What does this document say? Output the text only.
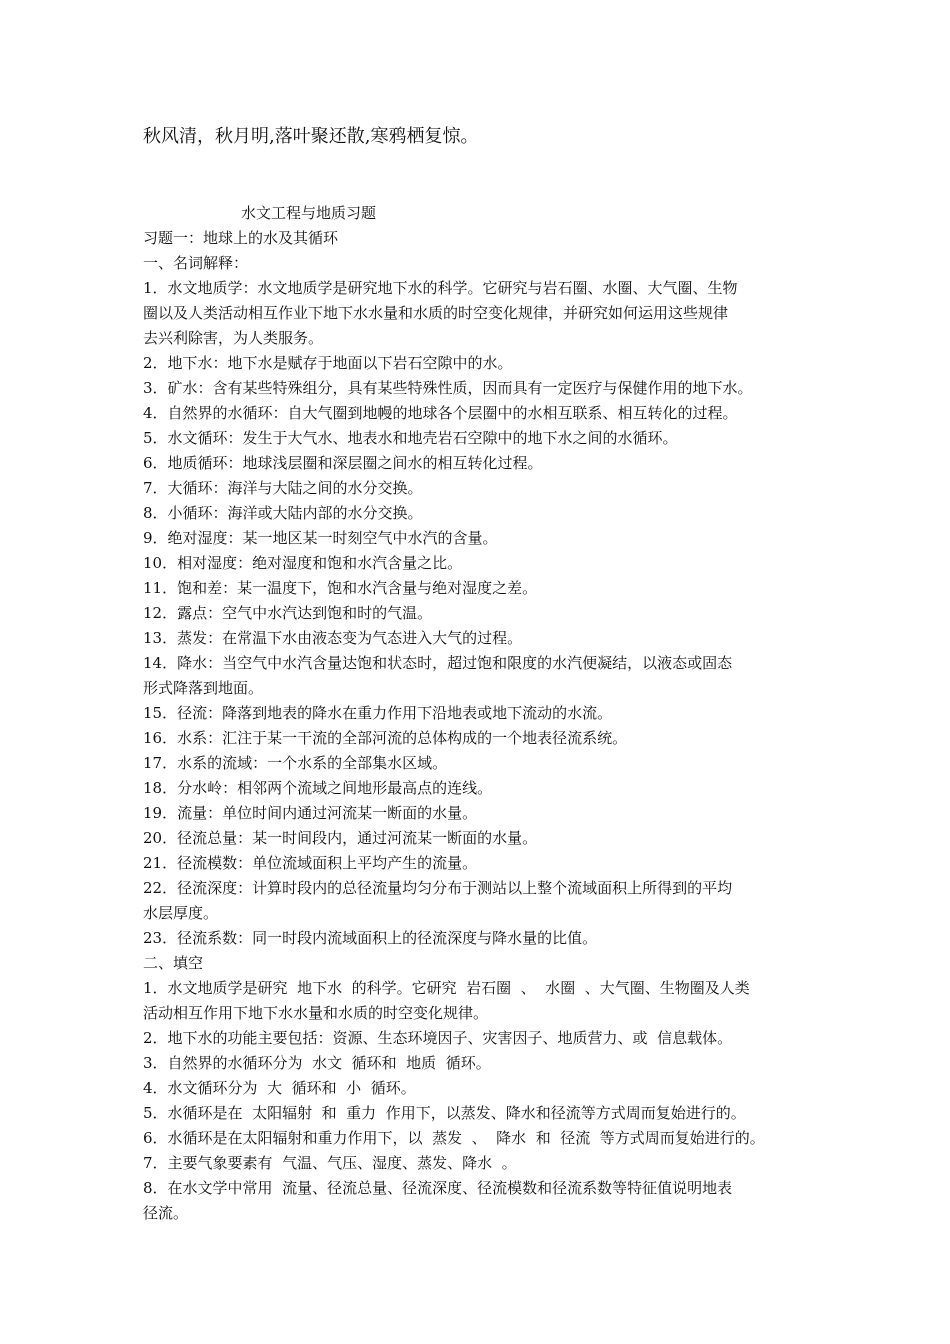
秋风清，秋月明,落叶聚还散,寒鸦栖复惊。
水文工程与地质习题
习题一：地球上的水及其循环
一、名词解释：
1．水文地质学：水文地质学是研究地下水的科学。它研究与岩石圈、水圈、大气圈、生物
圈以及人类活动相互作业下地下水水量和水质的时空变化规律，并研究如何运用这些规律
去兴利除害，为人类服务。
2．地下水：地下水是赋存于地面以下岩石空隙中的水。
3．矿水：含有某些特殊组分，具有某些特殊性质，因而具有一定医疗与保健作用的地下水。
4．自然界的水循环：自大气圈到地幔的地球各个层圈中的水相互联系、相互转化的过程。
5．水文循环：发生于大气水、地表水和地壳岩石空隙中的地下水之间的水循环。
6．地质循环：地球浅层圈和深层圈之间水的相互转化过程。
7．大循环：海洋与大陆之间的水分交换。
8．小循环：海洋或大陆内部的水分交换。
9．绝对湿度：某一地区某一时刻空气中水汽的含量。
10．相对湿度：绝对湿度和饱和水汽含量之比。
11．饱和差：某一温度下，饱和水汽含量与绝对湿度之差。
12．露点：空气中水汽达到饱和时的气温。
13．蒸发：在常温下水由液态变为气态进入大气的过程。
14．降水：当空气中水汽含量达饱和状态时，超过饱和限度的水汽便凝结，以液态或固态
形式降落到地面。
15．径流：降落到地表的降水在重力作用下沿地表或地下流动的水流。
16．水系：汇注于某一干流的全部河流的总体构成的一个地表径流系统。
17．水系的流域：一个水系的全部集水区域。
18．分水岭：相邻两个流域之间地形最高点的连线。
19．流量：单位时间内通过河流某一断面的水量。
20．径流总量：某一时间段内，通过河流某一断面的水量。
21．径流模数：单位流域面积上平均产生的流量。
22．径流深度：计算时段内的总径流量均匀分布于测站以上整个流域面积上所得到的平均
水层厚度。
23．径流系数：同一时段内流域面积上的径流深度与降水量的比值。
二、填空
1．水文地质学是研究  地下水  的科学。它研究  岩石圈  、  水圈  、大气圈、生物圈及人类
活动相互作用下地下水水量和水质的时空变化规律。
2．地下水的功能主要包括：资源、生态环境因子、灾害因子、地质营力、或  信息载体。
3．自然界的水循环分为  水文  循环和  地质  循环。
4．水文循环分为  大  循环和  小  循环。
5．水循环是在  太阳辐射  和  重力  作用下，以蒸发、降水和径流等方式周而复始进行的。
6．水循环是在太阳辐射和重力作用下，以  蒸发  、  降水  和  径流  等方式周而复始进行的。
7．主要气象要素有  气温、气压、湿度、蒸发、降水  。
8．在水文学中常用  流量、径流总量、径流深度、径流模数和径流系数等特征值说明地表
径流。
